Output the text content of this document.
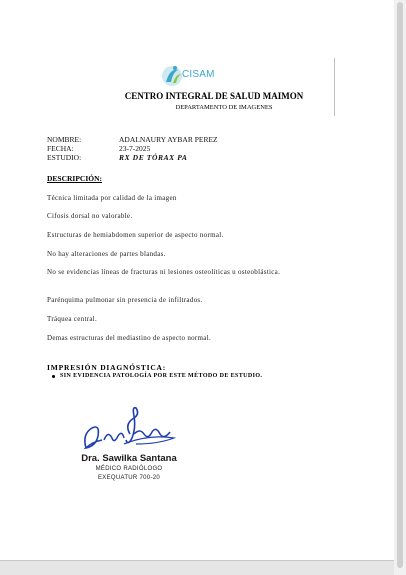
CISAM
CENTRO INTEGRAL DE SALUD MAIMON
DEPARTAMENTO DE IMAGENES
NOMBRE:	ADALNAURY AYBAR PEREZ
FECHA:	23-7-2025
ESTUDIO:	RX DE TÓRAX PA
DESCRIPCIÓN:
Técnica limitada por calidad de la imagen
Cifosis dorsal no valorable.
Estructuras de hemiabdomen superior de aspecto normal.
No hay alteraciones de partes blandas.
No se evidencias líneas de fracturas ni lesiones osteolíticas u osteoblástica.
Parénquima pulmonar sin presencia de infiltrados.
Tráquea central.
Demas estructuras del mediastino de aspecto normal.
IMPRESIÓN DIAGNÓSTICA:
SIN EVIDENCIA PATOLOGÍA POR ESTE MÉTODO DE ESTUDIO.
Dra. Sawilka Santana
MÉDICO RADIÓLOGO
EXEQUATUR 700-20
